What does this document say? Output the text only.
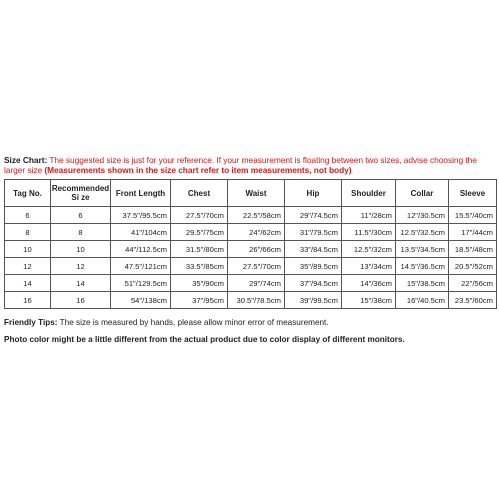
Size Chart: The suggested size is just for your reference. If your measurement is floating between two sizes, advise choosing the larger size (Measurements shown in the size chart refer to item measurements, not body)

Tag No.	Recommended Si ze	Front Length	Chest	Waist	Hip	Shoulder	Collar	Sleeve
6	6	37.5"/95.5cm	27.5"/70cm	22.5"/58cm	29"/74.5cm	11"/28cm	12"/30.5cm	15.5"/40cm
8	8	41"/104cm	29.5"/75cm	24"/62cm	31"/79.5cm	11.5"/30cm	12.5"/32.5cm	17"/44cm
10	10	44"/112.5cm	31.5"/80cm	26"/66cm	33"/84.5cm	12.5"/32cm	13.5"/34.5cm	18.5"/48cm
12	12	47.5"/121cm	33.5"/85cm	27.5"/70cm	35"/89.5cm	13"/34cm	14.5"/36.5cm	20.5"/52cm
14	14	51"/129.5cm	35"/90cm	29"/74cm	37"/94.5cm	14"/36cm	15"/38.5cm	22"/56cm
16	16	54"/138cm	37"/95cm	30.5"/78.5cm	39"/99.5cm	15"/38cm	16"/40.5cm	23.5"/60cm
Friendly Tips: The size is measured by hands, please allow minor error of measurement.
Photo color might be a little different from the actual product due to color display of different monitors.
